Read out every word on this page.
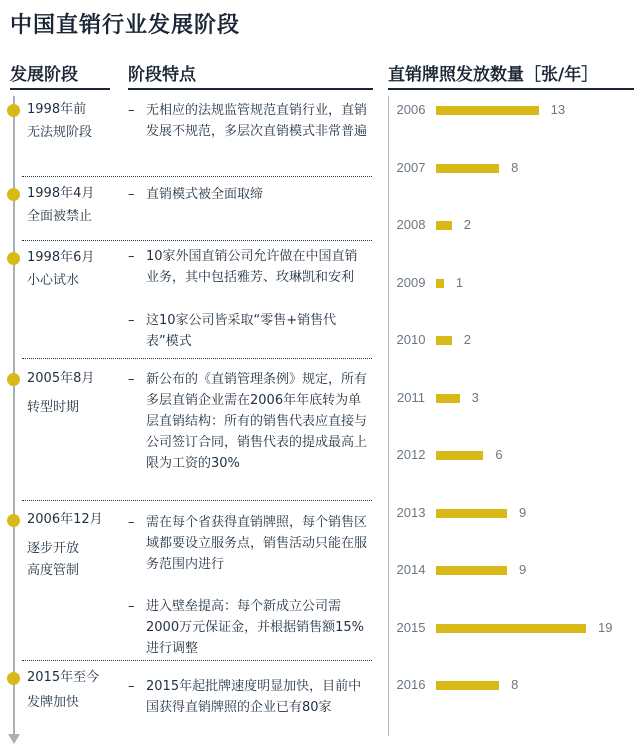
中国直销行业发展阶段
发展阶段	阶段特点	直销牌照发放数量［张/年］
1998年前
无法规阶段
– 无相应的法规监管规范直销行业，直销发展不规范，多层次直销模式非常普遍
1998年4月
全面被禁止
– 直销模式被全面取缔
1998年6月
小心试水
– 10家外国直销公司允许做在中国直销业务，其中包括雅芳、玫琳凯和安利
– 这10家公司皆采取“零售+销售代表”模式
2005年8月
转型时期
– 新公布的《直销管理条例》规定，所有多层直销企业需在2006年年底转为单层直销结构：所有的销售代表应直接与公司签订合同，销售代表的提成最高上限为工资的30%
2006年12月
逐步开放
高度管制
– 需在每个省获得直销牌照，每个销售区域都要设立服务点，销售活动只能在服务范围内进行
– 进入壁垒提高：每个新成立公司需2000万元保证金，并根据销售额15%进行调整
2015年至今
发牌加快
– 2015年起批牌速度明显加快，目前中国获得直销牌照的企业已有80家
2006	13
2007	8
2008	2
2009	1
2010	2
2011	3
2012	6
2013	9
2014	9
2015	19
2016	8
